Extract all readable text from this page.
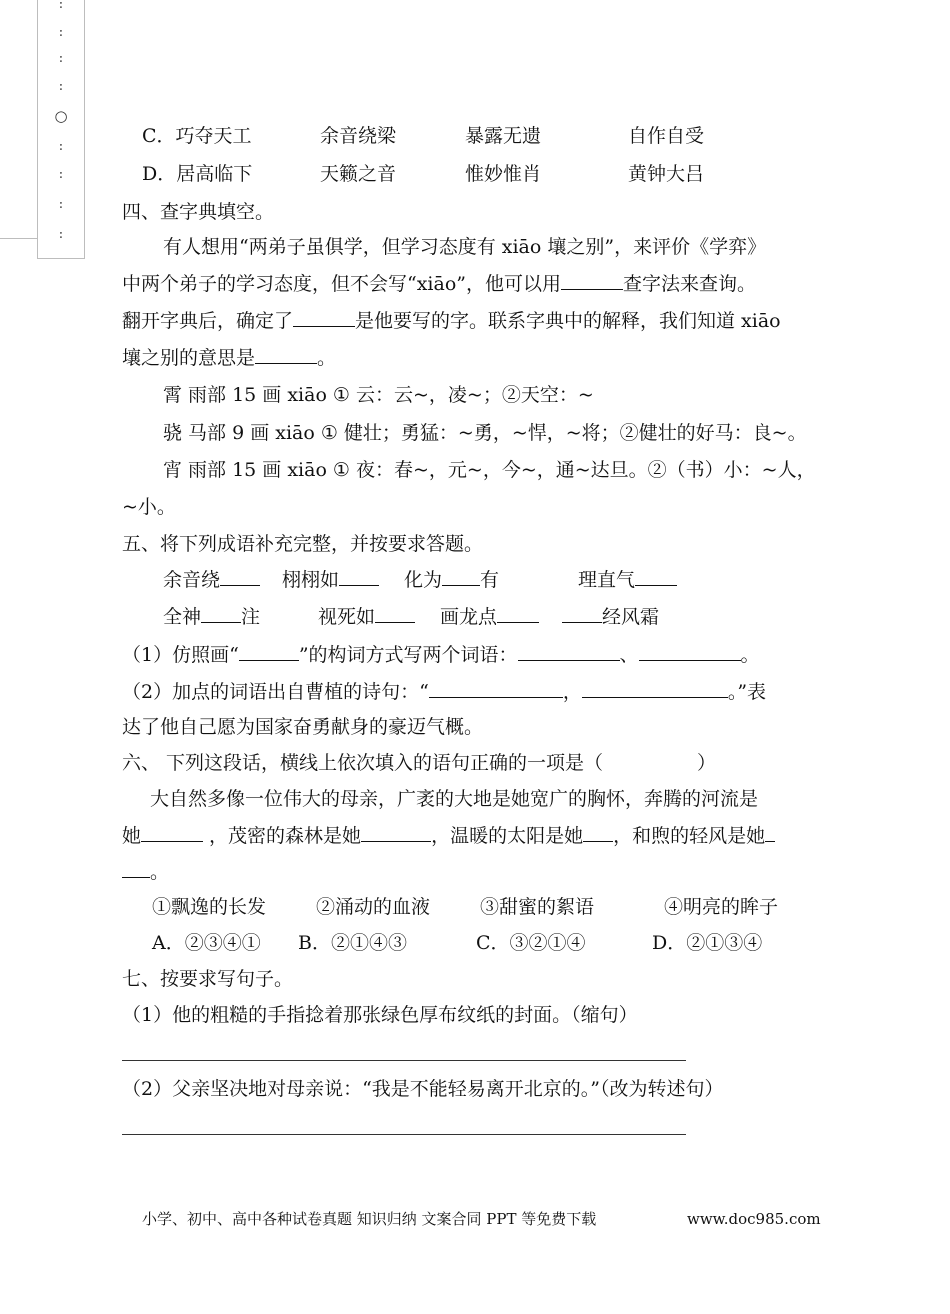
:
:
:
:
○
:
:
:
:
C．巧夺天工	余音绕梁	暴露无遗	自作自受
D．居高临下	天籁之音	惟妙惟肖	黄钟大吕
四、查字典填空。
有人想用“两弟子虽俱学，但学习态度有 xiāo 壤之别”，来评价《学弈》
中两个弟子的学习态度，但不会写“xiāo”，他可以用	查字法来查询。
翻开字典后，确定了	是他要写的字。联系字典中的解释，我们知道 xiāo
壤之别的意思是	。
霄 雨部 15 画 xiāo ① 云：云~，凌~；②天空：~
骁 马部 9 画 xiāo ① 健壮；勇猛：~勇，~悍，~将；②健壮的好马：良~。
宵 雨部 15 画 xiāo ① 夜：春~，元~，今~，通~达旦。②（书）小：~人，
~小。
五、将下列成语补充完整，并按要求答题。
余音绕	栩栩如	化为 有	理直气
全神 注	视死如	画龙点	经风霜
（1）仿照画“	”的构词方式写两个词语：	、	。
（2）加点的词语出自曹植的诗句：“	，	。”表
达了他自己愿为国家奋勇献身的豪迈气概。
六、 下列这段话，横线上依次填入的语句正确的一项是（	）
大自然多像一位伟大的母亲，广袤的大地是她宽广的胸怀，奔腾的河流是
她	，茂密的森林是她	，温暖的太阳是她 ，和煦的轻风是她
。
①飘逸的长发	②涌动的血液	③甜蜜的絮语	④明亮的眸子
A．②③④① B．②①④③	C．③②①④	D．②①③④
七、按要求写句子。
（1）他的粗糙的手指捻着那张绿色厚布纹纸的封面。（缩句）
（2）父亲坚决地对母亲说：“我是不能轻易离开北京的。”（改为转述句）
小学、初中、高中各种试卷真题 知识归纳 文案合同 PPT 等免费下载	www.doc985.com
